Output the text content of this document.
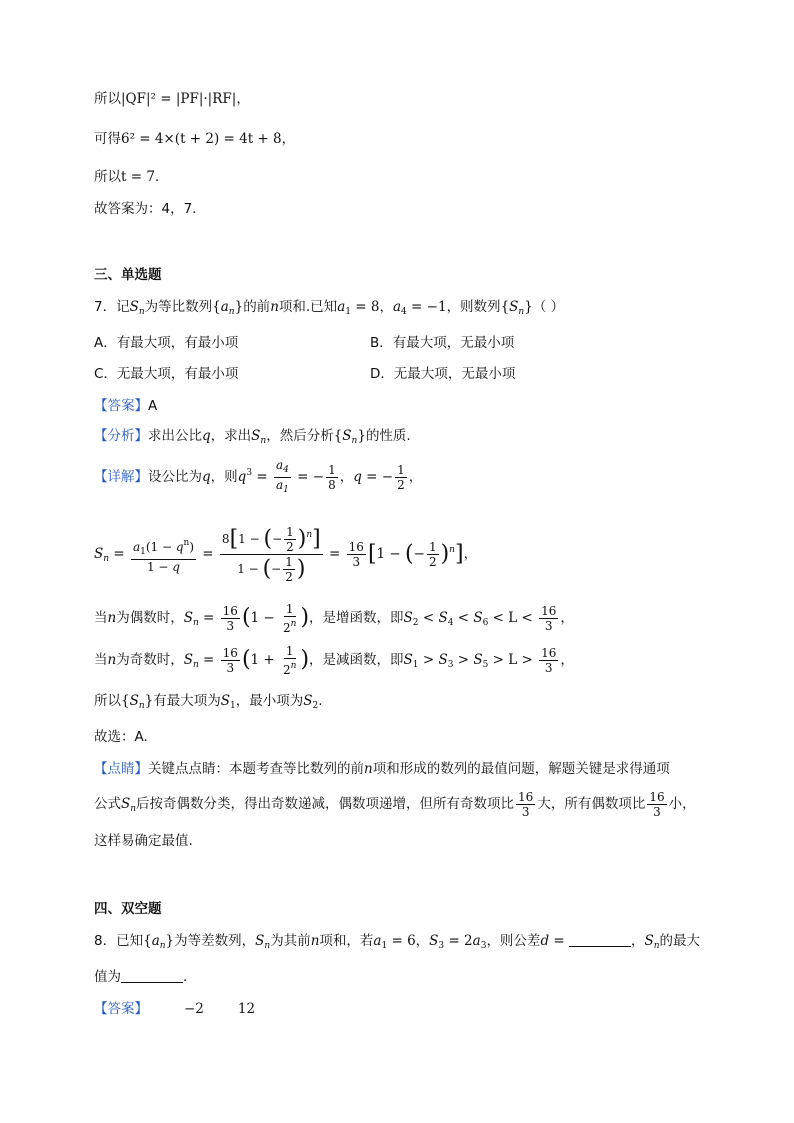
所以|QF|² = |PF|·|RF|，
可得6² = 4×(t + 2) = 4t + 8，
所以t = 7.
故答案为：4，7.
三、单选题
7．记$S_n$为等比数列$\{a_n\}$的前n项和.已知$a_1 = 8$，$a_4 = -1$，则数列$\{S_n\}$（ ）
A．有最大项，有最小项	B．有最大项，无最小项
C．无最大项，有最小项	D．无最大项，无最小项
【答案】A
【分析】求出公比q，求出$S_n$，然后分析$\{S_n\}$的性质.
【详解】设公比为q，则$q^3 = \frac{a_4}{a_1}$ = − $\frac{1}{8}$ ，q = − $\frac{1}{2}$ ，
$S_n = \frac{a_1(1 - q^n)}{1 - q} = \frac{8[1 - (- \frac{1}{2} )^n]}{1 - (- \frac{1}{2} )} = \frac{16}{3} [1$ − (− $\frac{1}{2} )^n$]，
当n为偶数时，$S_n = \frac{16}{3} (1 - \frac{1}{2^n}$ )，是增函数，即$S_2 < S_4 < S_6 < L < \frac{16}{3}$ ，
当n为奇数时，$S_n = \frac{16}{3} (1 + \frac{1}{2^n}$ )，是减函数，即$S_1 > S_3 > S_5 > L > \frac{16}{3}$ ，
所以$\{S_n\}$有最大项为$S_1$，最小项为$S_2$.
故选：A.
【点睛】关键点点睛：本题考查等比数列的前n项和形成的数列的最值问题，解题关键是求得通项
公式$S_n$后按奇偶数分类，得出奇数递减，偶数项递增，但所有奇数项比 $\frac{16}{3}$ 大，所有偶数项比 $\frac{16}{3}$ 小，
这样易确定最值.
四、双空题
8．已知$\{a_n\}$为等差数列，$S_n$为其前n项和，若$a_1 = 6$，$S_3 = 2a_3$，则公差d =	，$S_n$的最大
值为	.
【答案】	−2	12
